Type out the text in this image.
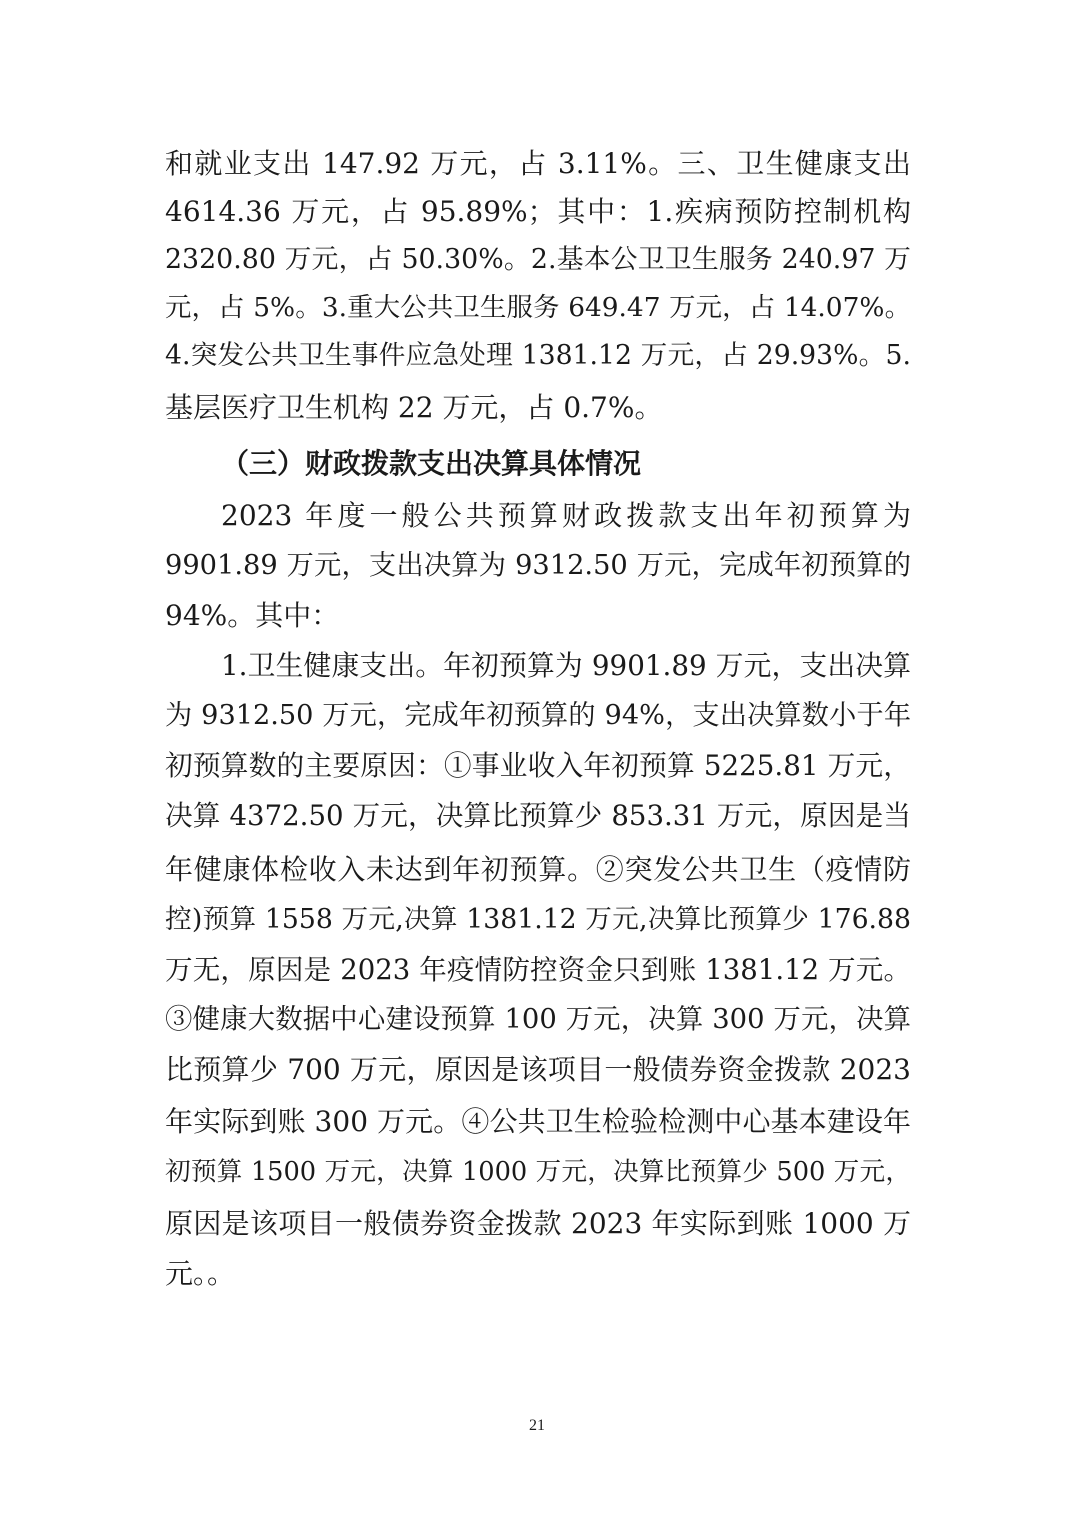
和就业支出 147.92 万元，占 3.11%。三、卫生健康支出
4614.36 万元，占 95.89%；其中：1.疾病预防控制机构
2320.80 万元，占 50.30%。2.基本公卫卫生服务 240.97 万
元，占 5%。3.重大公共卫生服务 649.47 万元，占 14.07%。
4.突发公共卫生事件应急处理 1381.12 万元，占 29.93%。5.
基层医疗卫生机构 22 万元，占 0.7%。
（三）财政拨款支出决算具体情况
2023 年度一般公共预算财政拨款支出年初预算为
9901.89 万元，支出决算为 9312.50 万元，完成年初预算的
94%。其中：
1.卫生健康支出。年初预算为 9901.89 万元，支出决算
为 9312.50 万元，完成年初预算的 94%，支出决算数小于年
初预算数的主要原因：①事业收入年初预算 5225.81 万元，
决算 4372.50 万元，决算比预算少 853.31 万元，原因是当
年健康体检收入未达到年初预算。②突发公共卫生（疫情防
控)预算 1558 万元,决算 1381.12 万元,决算比预算少 176.88
万无，原因是 2023 年疫情防控资金只到账 1381.12 万元。
③健康大数据中心建设预算 100 万元，决算 300 万元，决算
比预算少 700 万元，原因是该项目一般债券资金拨款 2023
年实际到账 300 万元。④公共卫生检验检测中心基本建设年
初预算 1500 万元，决算 1000 万元，决算比预算少 500 万元，
原因是该项目一般债券资金拨款 2023 年实际到账 1000 万
元。。
21
